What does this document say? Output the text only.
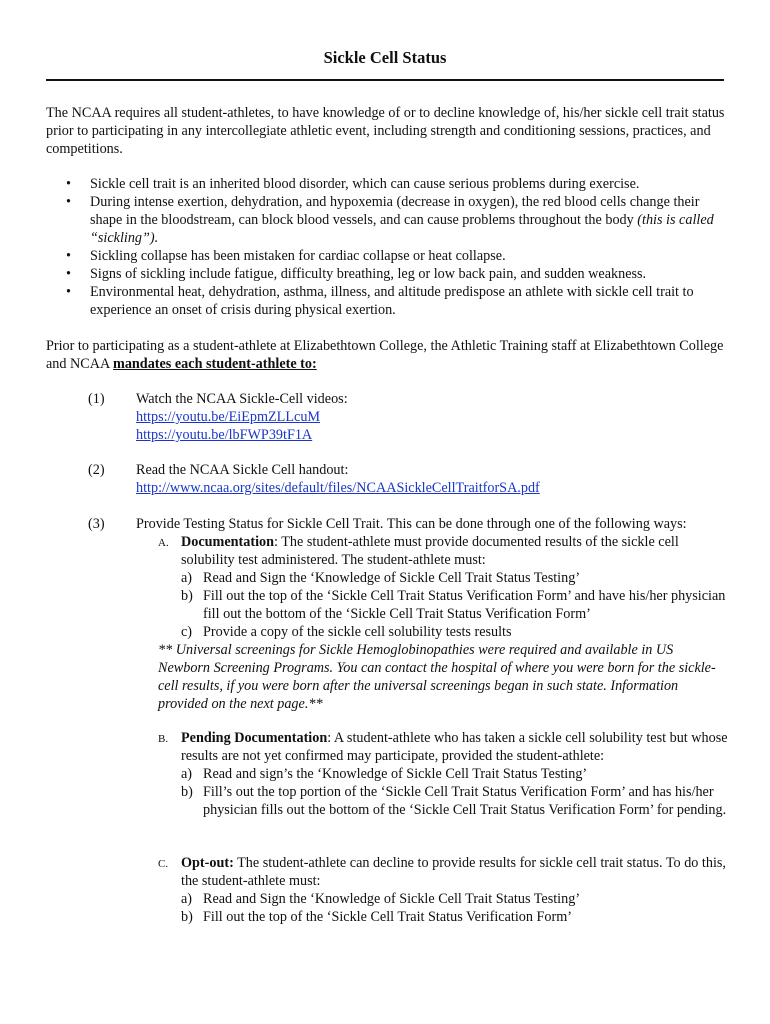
Sickle Cell Status
The NCAA requires all student-athletes, to have knowledge of or to decline knowledge of, his/her sickle cell trait status prior to participating in any intercollegiate athletic event, including strength and conditioning sessions, practices, and competitions.
• Sickle cell trait is an inherited blood disorder, which can cause serious problems during exercise.
• During intense exertion, dehydration, and hypoxemia (decrease in oxygen), the red blood cells change their shape in the bloodstream, can block blood vessels, and can cause problems throughout the body (this is called “sickling”).
• Sickling collapse has been mistaken for cardiac collapse or heat collapse.
• Signs of sickling include fatigue, difficulty breathing, leg or low back pain, and sudden weakness.
• Environmental heat, dehydration, asthma, illness, and altitude predispose an athlete with sickle cell trait to experience an onset of crisis during physical exertion.
Prior to participating as a student-athlete at Elizabethtown College, the Athletic Training staff at Elizabethtown College and NCAA mandates each student-athlete to:
(1) Watch the NCAA Sickle-Cell videos:
https://youtu.be/EiEpmZLLcuM
https://youtu.be/lbFWP39tF1A
(2) Read the NCAA Sickle Cell handout:
http://www.ncaa.org/sites/default/files/NCAASickleCellTraitforSA.pdf
(3) Provide Testing Status for Sickle Cell Trait. This can be done through one of the following ways:
A. Documentation: The student-athlete must provide documented results of the sickle cell solubility test administered. The student-athlete must:
a) Read and Sign the ‘Knowledge of Sickle Cell Trait Status Testing’
b) Fill out the top of the ‘Sickle Cell Trait Status Verification Form’ and have his/her physician fill out the bottom of the ‘Sickle Cell Trait Status Verification Form’
c) Provide a copy of the sickle cell solubility tests results
** Universal screenings for Sickle Hemoglobinopathies were required and available in US Newborn Screening Programs. You can contact the hospital of where you were born for the sickle-cell results, if you were born after the universal screenings began in such state. Information provided on the next page.**
B. Pending Documentation: A student-athlete who has taken a sickle cell solubility test but whose results are not yet confirmed may participate, provided the student-athlete:
a) Read and sign’s the ‘Knowledge of Sickle Cell Trait Status Testing’
b) Fill’s out the top portion of the ‘Sickle Cell Trait Status Verification Form’ and has his/her physician fills out the bottom of the ‘Sickle Cell Trait Status Verification Form’ for pending.
C. Opt-out: The student-athlete can decline to provide results for sickle cell trait status. To do this, the student-athlete must:
a) Read and Sign the ‘Knowledge of Sickle Cell Trait Status Testing’
b) Fill out the top of the ‘Sickle Cell Trait Status Verification Form’
